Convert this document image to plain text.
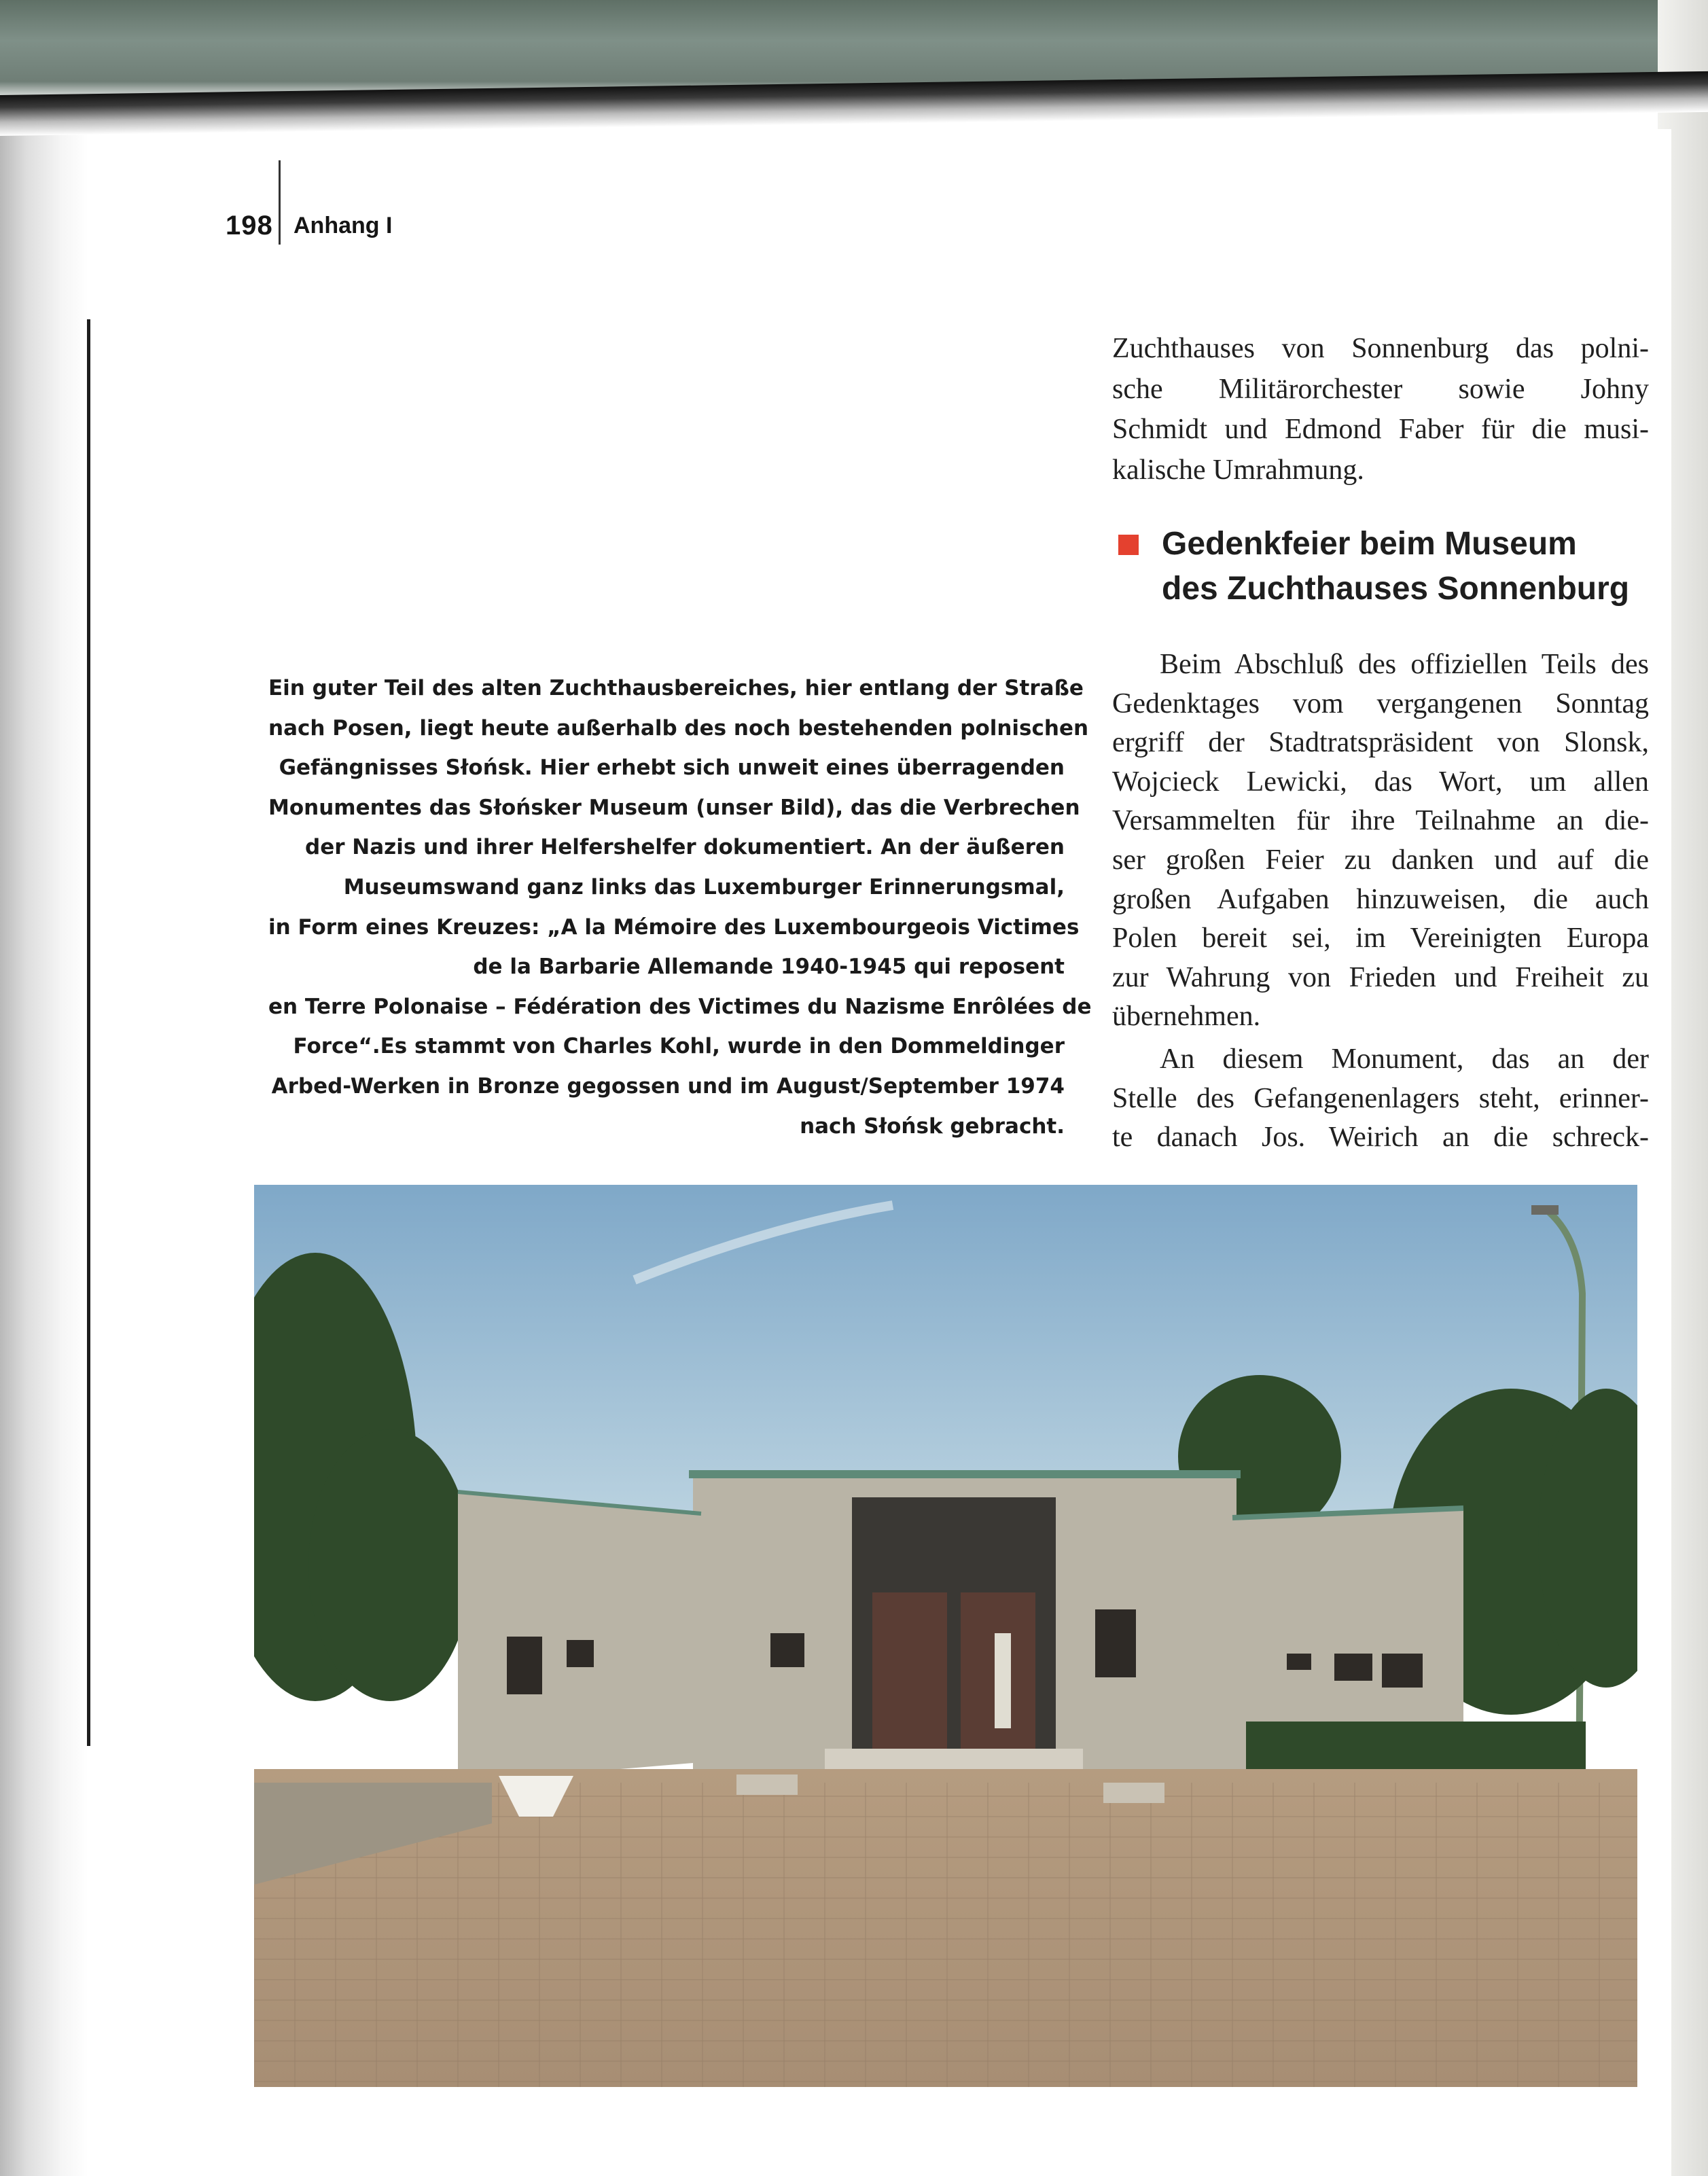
198 Anhang I
Ein guter Teil des alten Zuchthausbereiches, hier entlang der Straße
nach Posen, liegt heute außerhalb des noch bestehenden polnischen
Gefängnisses Słońsk. Hier erhebt sich unweit eines überragenden
Monumentes das Słońsker Museum (unser Bild), das die Verbrechen
der Nazis und ihrer Helfershelfer dokumentiert. An der äußeren
Museumswand ganz links das Luxemburger Erinnerungsmal,
in Form eines Kreuzes: „A la Mémoire des Luxembourgeois Victimes
de la Barbarie Allemande 1940-1945 qui reposent
en Terre Polonaise – Fédération des Victimes du Nazisme Enrôlées de
Force“.Es stammt von Charles Kohl, wurde in den Dommeldinger
Arbed-Werken in Bronze gegossen und im August/September 1974
nach Słońsk gebracht.
Zuchthauses von Sonnenburg das polni-
sche Militärorchester sowie Johny
Schmidt und Edmond Faber für die musi-
kalische Umrahmung.
Gedenkfeier beim Museum
des Zuchthauses Sonnenburg
Beim Abschluß des offiziellen Teils des
Gedenktages vom vergangenen Sonntag
ergriff der Stadtratspräsident von Slonsk,
Wojcieck Lewicki, das Wort, um allen
Versammelten für ihre Teilnahme an die-
ser großen Feier zu danken und auf die
großen Aufgaben hinzuweisen, die auch
Polen bereit sei, im Vereinigten Europa
zur Wahrung von Frieden und Freiheit zu
übernehmen.
An diesem Monument, das an der
Stelle des Gefangenenlagers steht, erinner-
te danach Jos. Weirich an die schreck-
